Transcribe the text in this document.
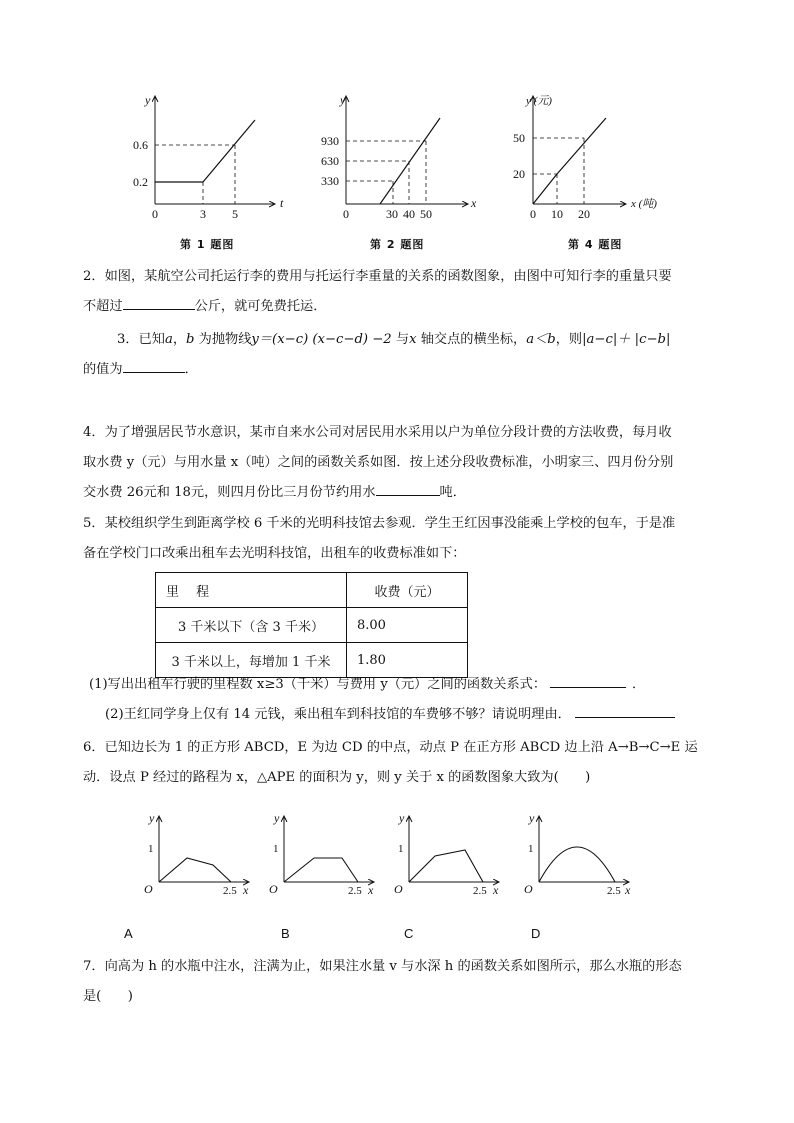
y
t
0
0.6
0.2
3 5
第 1 题图
y
x
0
930
630
330
30 40 50
第 2 题图
y (元)
x (吨)
0
50
20
10 20
第 4 题图
2．如图，某航空公司托运行李的费用与托运行李重量的关系的函数图象，由图中可知行李的重量只要
不超过	公斤，就可免费托运．
3．已知a，b 为抛物线y＝(x−c) (x−c−d) −2 与x 轴交点的横坐标，a＜b，则|a−c|＋ |c−b|
的值为	．
4．为了增强居民节水意识，某市自来水公司对居民用水采用以户为单位分段计费的方法收费，每月收
取水费 y（元）与用水量 x（吨）之间的函数关系如图．按上述分段收费标准，小明家三、四月份分别
交水费 26元和 18元，则四月份比三月份节约用水	吨．
5．某校组织学生到距离学校 6 千米的光明科技馆去参观．学生王红因事没能乘上学校的包车，于是准
备在学校门口改乘出租车去光明科技馆，出租车的收费标准如下：
里　 程	收费（元）
3 千米以下（含 3 千米）	8.00
3 千米以上，每增加 1 千米	1.80
(1)写出出租车行驶的里程数 x≥3（千米）与费用 y（元）之间的函数关系式：	．
(2)王红同学身上仅有 14 元钱，乘出租车到科技馆的车费够不够？请说明理由．
6．已知边长为 1 的正方形 ABCD，E 为边 CD 的中点，动点 P 在正方形 ABCD 边上沿 A→B→C→E 运
动．设点 P 经过的路程为 x，△APE 的面积为 y，则 y 关于 x 的函数图象大致为(　　)
y
1
O	2.5 x
y
1
O	2.5 x
y
1
O	2.5 x
y
1
O	2.5 x
A	B	C	D
7．向高为 h 的水瓶中注水，注满为止，如果注水量 v 与水深 h 的函数关系如图所示，那么水瓶的形态
是(　　)
